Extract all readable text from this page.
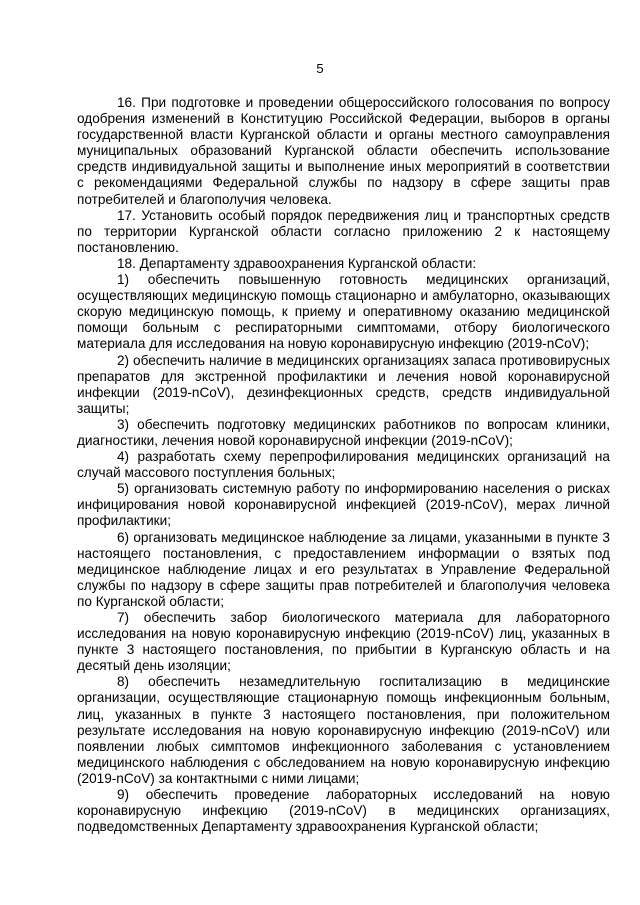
5

16. При подготовке и проведении общероссийского голосования по вопросу одобрения изменений в Конституцию Российской Федерации, выборов в органы государственной власти Курганской области и органы местного самоуправления муниципальных образований Курганской области обеспечить использование средств индивидуальной защиты и выполнение иных мероприятий в соответствии с рекомендациями Федеральной службы по надзору в сфере защиты прав потребителей и благополучия человека.

17. Установить особый порядок передвижения лиц и транспортных средств по территории Курганской области согласно приложению 2 к настоящему постановлению.

18. Департаменту здравоохранения Курганской области:

1) обеспечить повышенную готовность медицинских организаций, осуществляющих медицинскую помощь стационарно и амбулаторно, оказывающих скорую медицинскую помощь, к приему и оперативному оказанию медицинской помощи больным с респираторными симптомами, отбору биологического материала для исследования на новую коронавирусную инфекцию (2019-nCoV);

2) обеспечить наличие в медицинских организациях запаса противовирусных препаратов для экстренной профилактики и лечения новой коронавирусной инфекции (2019-nCoV), дезинфекционных средств, средств индивидуальной защиты;

3) обеспечить подготовку медицинских работников по вопросам клиники, диагностики, лечения новой коронавирусной инфекции (2019-nCoV);

4) разработать схему перепрофилирования медицинских организаций на случай массового поступления больных;

5) организовать системную работу по информированию населения о рисках инфицирования новой коронавирусной инфекцией (2019-nCoV), мерах личной профилактики;

6) организовать медицинское наблюдение за лицами, указанными в пункте 3 настоящего постановления, с предоставлением информации о взятых под медицинское наблюдение лицах и его результатах в Управление Федеральной службы по надзору в сфере защиты прав потребителей и благополучия человека по Курганской области;

7) обеспечить забор биологического материала для лабораторного исследования на новую коронавирусную инфекцию (2019-nCoV) лиц, указанных в пункте 3 настоящего постановления, по прибытии в Курганскую область и на десятый день изоляции;

8) обеспечить незамедлительную госпитализацию в медицинские организации, осуществляющие стационарную помощь инфекционным больным, лиц, указанных в пункте 3 настоящего постановления, при положительном результате исследования на новую коронавирусную инфекцию (2019-nCoV) или появлении любых симптомов инфекционного заболевания с установлением медицинского наблюдения с обследованием на новую коронавирусную инфекцию (2019-nCoV) за контактными с ними лицами;

9) обеспечить проведение лабораторных исследований на новую коронавирусную инфекцию (2019-nCoV) в медицинских организациях, подведомственных Департаменту здравоохранения Курганской области;
